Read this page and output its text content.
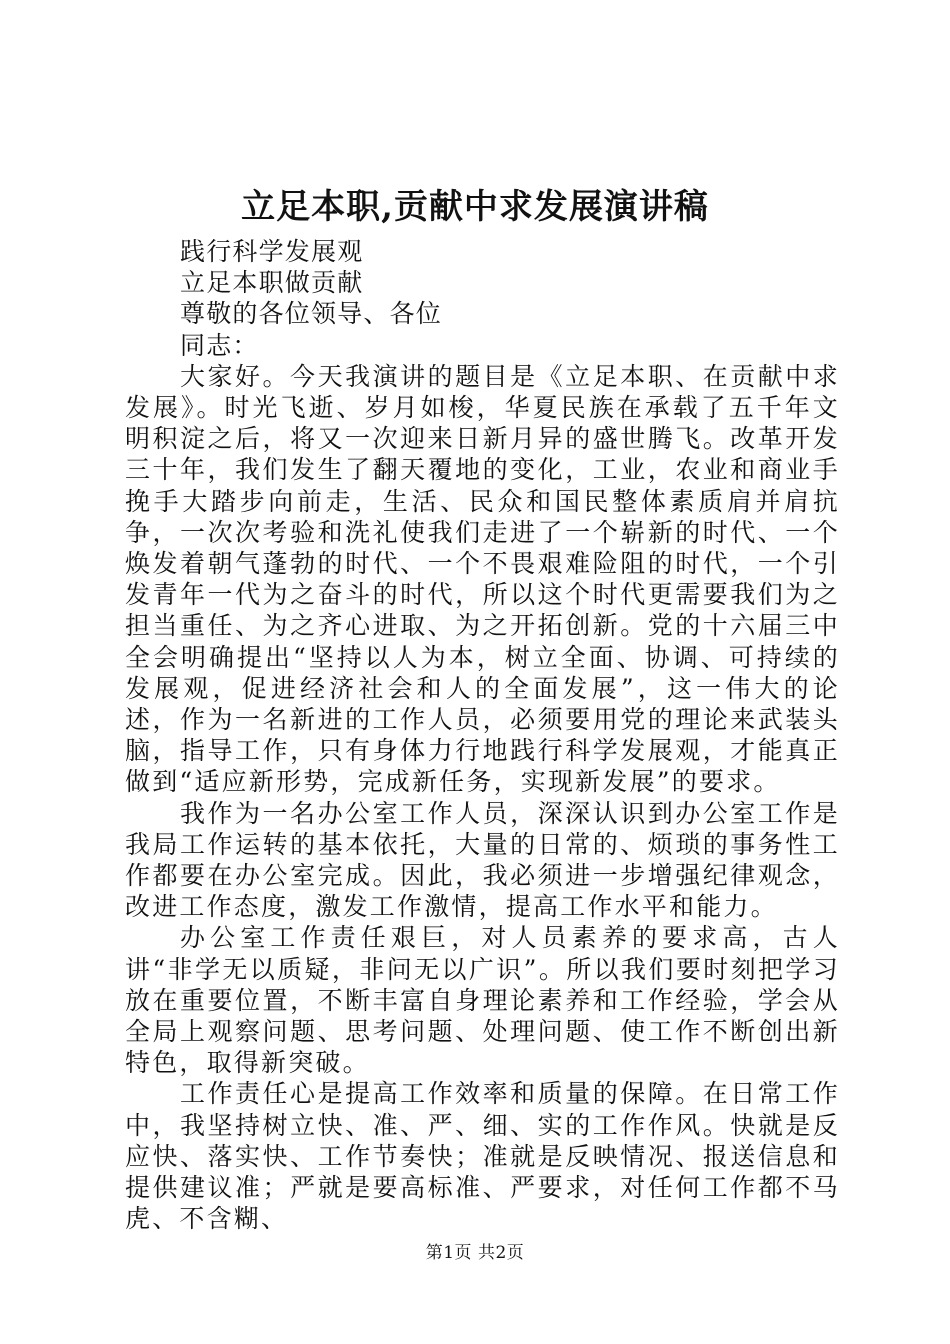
立足本职,贡献中求发展演讲稿

践行科学发展观

立足本职做贡献

尊敬的各位领导、各位

同志：

大家好。今天我演讲的题目是《立足本职、在贡献中求发展》。时光飞逝、岁月如梭，华夏民族在承载了五千年文明积淀之后，将又一次迎来日新月异的盛世腾飞。改革开发三十年，我们发生了翻天覆地的变化，工业，农业和商业手挽手大踏步向前走，生活、民众和国民整体素质肩并肩抗争，一次次考验和洗礼使我们走进了一个崭新的时代、一个焕发着朝气蓬勃的时代、一个不畏艰难险阻的时代，一个引发青年一代为之奋斗的时代，所以这个时代更需要我们为之担当重任、为之齐心进取、为之开拓创新。党的十六届三中全会明确提出“坚持以人为本，树立全面、协调、可持续的发展观，促进经济社会和人的全面发展”，这一伟大的论述，作为一名新进的工作人员，必须要用党的理论来武装头脑，指导工作，只有身体力行地践行科学发展观，才能真正做到“适应新形势，完成新任务，实现新发展”的要求。

我作为一名办公室工作人员，深深认识到办公室工作是我局工作运转的基本依托，大量的日常的、烦琐的事务性工作都要在办公室完成。因此，我必须进一步增强纪律观念，改进工作态度，激发工作激情，提高工作水平和能力。

办公室工作责任艰巨，对人员素养的要求高，古人讲“非学无以质疑，非问无以广识”。所以我们要时刻把学习放在重要位置，不断丰富自身理论素养和工作经验，学会从全局上观察问题、思考问题、处理问题、使工作不断创出新特色，取得新突破。

工作责任心是提高工作效率和质量的保障。在日常工作中，我坚持树立快、准、严、细、实的工作作风。快就是反应快、落实快、工作节奏快；准就是反映情况、报送信息和提供建议准；严就是要高标准、严要求，对任何工作都不马虎、不含糊、

第1页 共2页
